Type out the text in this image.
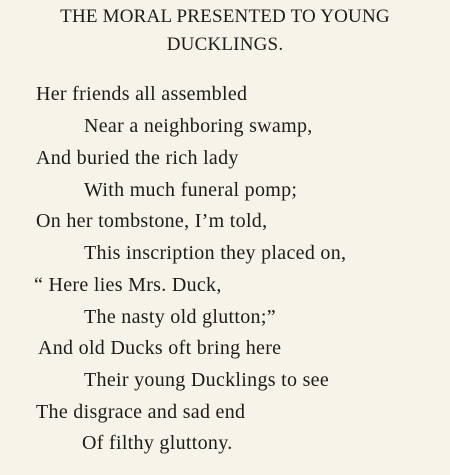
THE MORAL PRESENTED TO YOUNG
DUCKLINGS.
Her friends all assembled
Near a neighboring swamp,
And buried the rich lady
With much funeral pomp;
On her tombstone, I’m told,
This inscription they placed on,
“ Here lies Mrs. Duck,
The nasty old glutton;”
And old Ducks oft bring here
Their young Ducklings to see
The disgrace and sad end
Of filthy gluttony.
